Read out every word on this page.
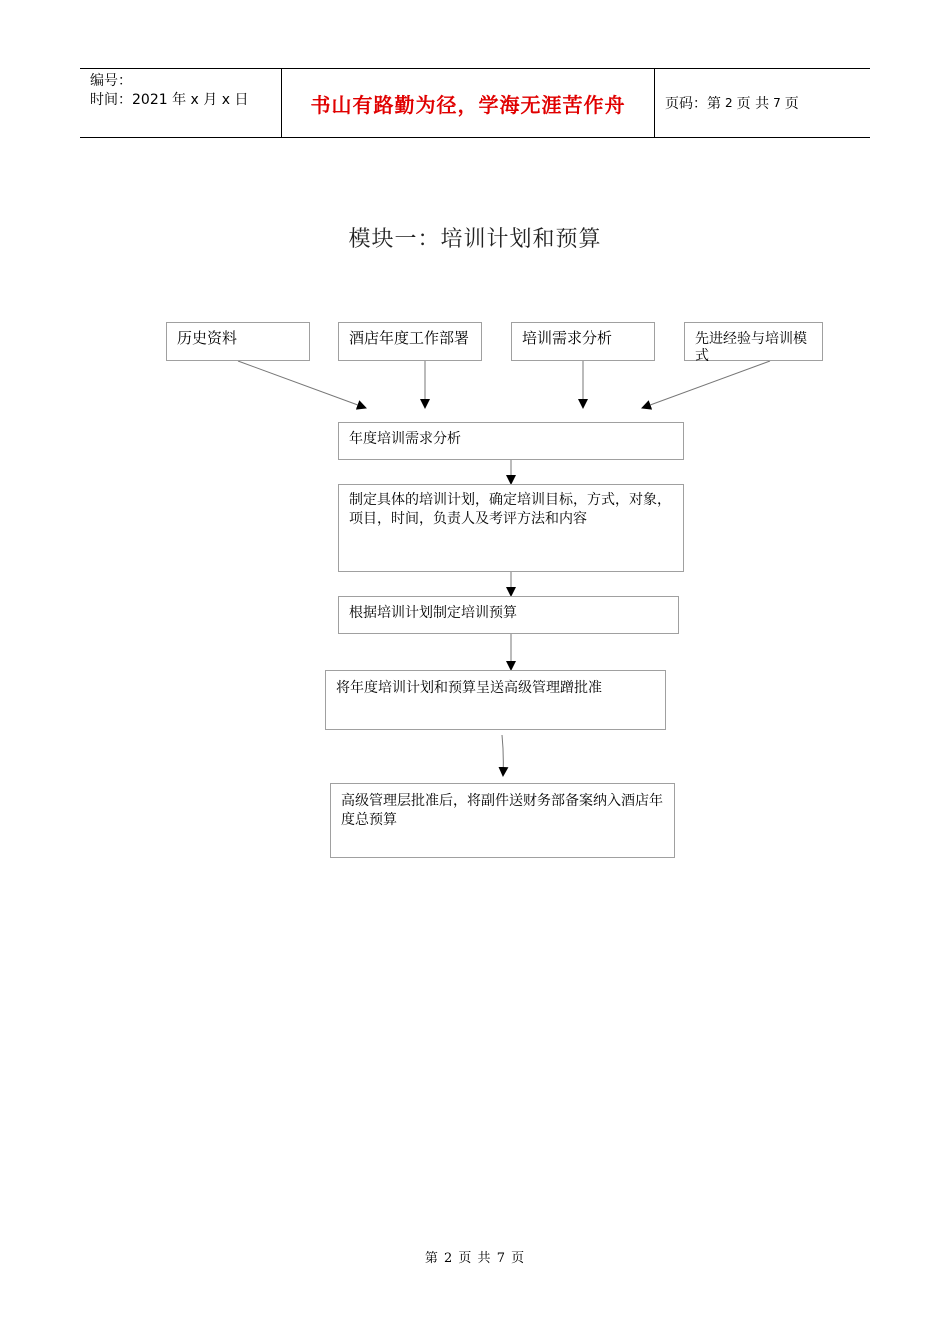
编号：
时间：2021 年 x 月 x 日	书山有路勤为径，学海无涯苦作舟	页码：第 2 页 共 7 页
模块一：培训计划和预算
历史资料	酒店年度工作部署	培训需求分析	先进经验与培训模式
年度培训需求分析
制定具体的培训计划，确定培训目标，方式，对象，项目，时间，负责人及考评方法和内容
根据培训计划制定培训预算
将年度培训计划和预算呈送高级管理蹭批准
高级管理层批准后，将副件送财务部备案纳入酒店年度总预算
第 2 页 共 7 页
